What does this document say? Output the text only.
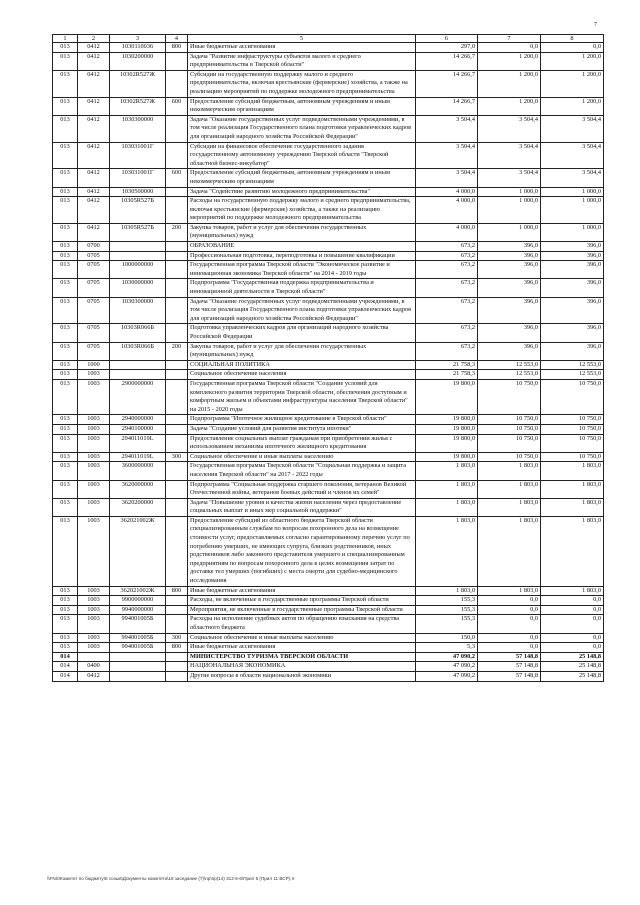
7
1	2	3	4	5	6	7	8
013	0412	1030110036	800	Иные бюджетные ассигнования	297,0	0,0	0,0
013	0412	1030200000		Задача "Развитие инфраструктуры субъектов малого и среднего предпринимательства в Тверской области"	14 266,7	1 200,0	1 200,0
013	0412	10302R527Ж		Субсидии на государственную поддержку малого и среднего предпринимательства, включая крестьянские (фермерские) хозяйства, а также на реализацию мероприятий по поддержке молодежного предпринимательства	14 266,7	1 200,0	1 200,0
013	0412	10302R527Ж	600	Предоставление субсидий бюджетным, автономным учреждениям и иным некоммерческим организациям	14 266,7	1 200,0	1 200,0
013	0412	1030300000		Задача "Оказание государственных услуг подведомственными учреждениями, в том числе реализация Государственного плана подготовки управленческих кадров для организаций народного хозяйства Российской Федерации"	3 504,4	3 504,4	3 504,4
013	0412	103031001Г		Субсидии на финансовое обеспечение государственного задания государственному автономному учреждению Тверской области "Тверской областной бизнес-инкубатор"	3 504,4	3 504,4	3 504,4
013	0412	103031001Г	600	Предоставление субсидий бюджетным, автономным учреждениям и иным некоммерческим организациям	3 504,4	3 504,4	3 504,4
013	0412	1030500000		Задача "Содействие развитию молодежного предпринимательства"	4 000,0	1 000,0	1 000,0
013	0412	10305R527Б		Расходы на государственную поддержку малого и среднего предпринимательства, включая крестьянские (фермерские) хозяйства, а также на реализацию мероприятий по поддержке молодежного предпринимательства	4 000,0	1 000,0	1 000,0
013	0412	10305R527Б	200	Закупка товаров, работ и услуг для обеспечения государственных (муниципальных) нужд	4 000,0	1 000,0	1 000,0
013	0700			ОБРАЗОВАНИЕ	673,2	396,0	396,0
013	0705			Профессиональная подготовка, переподготовка и повышение квалификации	673,2	396,0	396,0
013	0705	1000000000		Государственная программа Тверской области "Экономическое развитие и инновационная экономика Тверской области" на 2014 - 2019 годы	673,2	396,0	396,0
013	0705	1030000000		Подпрограмма "Государственная поддержка предпринимательства и инновационной деятельности в Тверской области"	673,2	396,0	396,0
013	0705	1030300000		Задача "Оказание государственных услуг подведомственными учреждениями, в том числе реализация Государственного плана подготовки управленческих кадров для организаций народного хозяйства Российской Федерации"	673,2	396,0	396,0
013	0705	10303R066Б		Подготовка управленческих кадров для организаций народного хозяйства Российской Федерации	673,2	396,0	396,0
013	0705	10303R066Б	200	Закупка товаров, работ и услуг для обеспечения государственных (муниципальных) нужд	673,2	396,0	396,0
013	1000			СОЦИАЛЬНАЯ ПОЛИТИКА	21 758,3	12 553,0	12 553,0
013	1003			Социальное обеспечение населения	21 758,3	12 553,0	12 553,0
013	1003	2900000000		Государственная программа Тверской области "Создание условий для комплексного развития территории Тверской области, обеспечения доступным и комфортным жильем и объектами инфраструктуры населения Тверской области" на 2015 - 2020 годы	19 800,0	10 750,0	10 750,0
013	1003	2940000000		Подпрограмма "Ипотечное жилищное кредитование в Тверской области"	19 800,0	10 750,0	10 750,0
013	1003	2940100000		Задача "Создание условий для развития института ипотеки"	19 800,0	10 750,0	10 750,0
013	1003	294011019L		Предоставление социальных выплат гражданам при приобретении жилья с использованием механизма ипотечного жилищного кредитования	19 800,0	10 750,0	10 750,0
013	1003	294011019L	300	Социальное обеспечение и иные выплаты населению	19 800,0	10 750,0	10 750,0
013	1003	3600000000		Государственная программа Тверской области "Социальная поддержка и защита населения Тверской области" на 2017 - 2022 годы	1 803,0	1 803,0	1 803,0
013	1003	3620000000		Подпрограмма "Социальная поддержка старшего поколения, ветеранов Великой Отечественной войны, ветеранов боевых действий и членов их семей"	1 803,0	1 803,0	1 803,0
013	1003	3620200000		Задача "Повышение уровня и качества жизни населения через предоставление социальных выплат и иных мер социальной поддержки"	1 803,0	1 803,0	1 803,0
013	1003	362021002Ж		Предоставление субсидий из областного бюджета Тверской области специализированным службам по вопросам похоронного дела на возмещение стоимости услуг, предоставляемых согласно гарантированному перечню услуг по погребению умерших, не имеющих супруга, близких родственников, иных родственников либо законного представителя умершего и специализированным предприятиям по вопросам похоронного дела в целях возмещения затрат по доставке тел умерших (погибших) с места смерти для судебно-медицинского исследования	1 803,0	1 803,0	1 803,0
013	1003	362021002Ж	800	Иные бюджетные ассигнования	1 803,0	1 803,0	1 803,0
013	1003	9900000000		Расходы, не включенные в государственные программы Тверской области	155,3	0,0	0,0
013	1003	9940000000		Мероприятия, не включенные в государственные программы Тверской области	155,3	0,0	0,0
013	1003	994001005Б		Расходы на исполнение судебных актов по обращению взыскания на средства областного бюджета	155,3	0,0	0,0
013	1003	994001005Б	300	Социальное обеспечение и иные выплаты населению	150,0	0,0	0,0
013	1003	994001005Б	800	Иные бюджетные ассигнования	5,3	0,0	0,0
014				МИНИСТЕРСТВО ТУРИЗМА ТВЕРСКОЙ ОБЛАСТИ	47 090,2	57 148,8	25 148,8
014	0400			НАЦИОНАЛЬНАЯ ЭКОНОМИКА	47 090,2	57 148,8	25 148,8
014	0412			Другие вопросы в области национальной экономики	47 090,2	57 148,8	25 148,8
\\FNS\Комитет по бюджету\8 созыв\Документы комитета\16 заседание (7)\пр\пр(14) 312-5-6\Прил 5 (Прил 11 ВСР).Х
